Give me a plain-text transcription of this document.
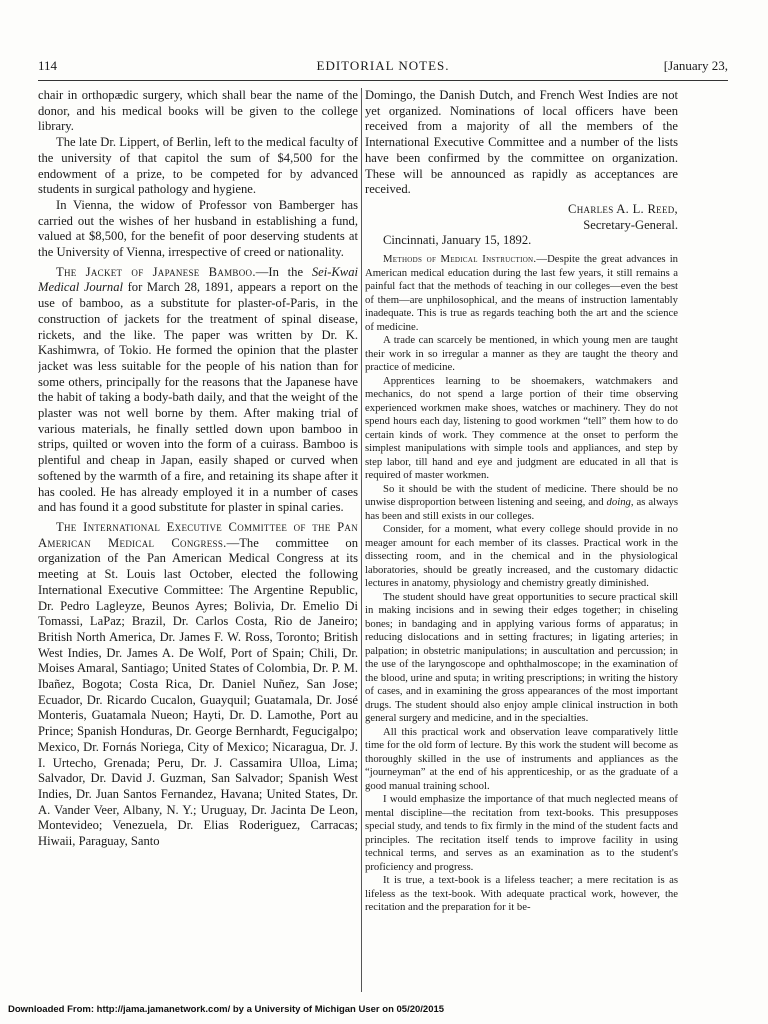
114	EDITORIAL NOTES.	[January 23,

chair in orthopædic surgery, which shall bear the name of the donor, and his medical books will be given to the college library.

The late Dr. Lippert, of Berlin, left to the medical faculty of the university of that capitol the sum of $4,500 for the endowment of a prize, to be competed for by advanced students in surgical pathology and hygiene.

In Vienna, the widow of Professor von Bamberger has carried out the wishes of her husband in establishing a fund, valued at $8,500, for the benefit of poor deserving students at the University of Vienna, irrespective of creed or nationality.

The Jacket of Japanese Bamboo.—In the Sei-Kwai Medical Journal for March 28, 1891, appears a report on the use of bamboo, as a substitute for plaster-of-Paris, in the construction of jackets for the treatment of spinal disease, rickets, and the like. The paper was written by Dr. K. Kashimwra, of Tokio. He formed the opinion that the plaster jacket was less suitable for the people of his nation than for some others, principally for the reasons that the Japanese have the habit of taking a body-bath daily, and that the weight of the plaster was not well borne by them. After making trial of various materials, he finally settled down upon bamboo in strips, quilted or woven into the form of a cuirass. Bamboo is plentiful and cheap in Japan, easily shaped or curved when softened by the warmth of a fire, and retaining its shape after it has cooled. He has already employed it in a number of cases and has found it a good substitute for plaster in spinal caries.

The International Executive Committee of the Pan American Medical Congress.—The committee on organization of the Pan American Medical Congress at its meeting at St. Louis last October, elected the following International Executive Committee: The Argentine Republic, Dr. Pedro Lagleyze, Beunos Ayres; Bolivia, Dr. Emelio Di Tomassi, LaPaz; Brazil, Dr. Carlos Costa, Rio de Janeiro; British North America, Dr. James F. W. Ross, Toronto; British West Indies, Dr. James A. De Wolf, Port of Spain; Chili, Dr. Moises Amaral, Santiago; United States of Colombia, Dr. P. M. Ibañez, Bogota; Costa Rica, Dr. Daniel Nuñez, San Jose; Ecuador, Dr. Ricardo Cucalon, Guayquil; Guatamala, Dr. José Monteris, Guatamala Nueon; Hayti, Dr. D. Lamothe, Port au Prince; Spanish Honduras, Dr. George Bernhardt, Fegucigalpo; Mexico, Dr. Fornás Noriega, City of Mexico; Nicaragua, Dr. J. I. Urtecho, Grenada; Peru, Dr. J. Cassamira Ulloa, Lima; Salvador, Dr. David J. Guzman, San Salvador; Spanish West Indies, Dr. Juan Santos Fernandez, Havana; United States, Dr. A. Vander Veer, Albany, N. Y.; Uruguay, Dr. Jacinta De Leon, Montevideo; Venezuela, Dr. Elias Roderiguez, Carracas; Hiwaii, Paraguay, Santo

Domingo, the Danish Dutch, and French West Indies are not yet organized. Nominations of local officers have been received from a majority of all the members of the International Executive Committee and a number of the lists have been confirmed by the committee on organization. These will be announced as rapidly as acceptances are received.

Charles A. L. Reed,

Secretary-General.

Cincinnati, January 15, 1892.

Methods of Medical Instruction.—Despite the great advances in American medical education during the last few years, it still remains a painful fact that the methods of teaching in our colleges—even the best of them—are unphilosophical, and the means of instruction lamentably inadequate. This is true as regards teaching both the art and the science of medicine.

A trade can scarcely be mentioned, in which young men are taught their work in so irregular a manner as they are taught the theory and practice of medicine.

Apprentices learning to be shoemakers, watchmakers and mechanics, do not spend a large portion of their time observing experienced workmen make shoes, watches or machinery. They do not spend hours each day, listening to good workmen “tell” them how to do certain kinds of work. They commence at the onset to perform the simplest manipulations with simple tools and appliances, and step by step labor, till hand and eye and judgment are educated in all that is required of master workmen.

So it should be with the student of medicine. There should be no unwise disproportion between listening and seeing, and doing, as always has been and still exists in our colleges.

Consider, for a moment, what every college should provide in no meager amount for each member of its classes. Practical work in the dissecting room, and in the chemical and in the physiological laboratories, should be greatly increased, and the customary didactic lectures in anatomy, physiology and chemistry greatly diminished.

The student should have great opportunities to secure practical skill in making incisions and in sewing their edges together; in chiseling bones; in bandaging and in applying various forms of apparatus; in reducing dislocations and in setting fractures; in ligating arteries; in palpation; in obstetric manipulations; in auscultation and percussion; in the use of the laryngoscope and ophthalmoscope; in the examination of the blood, urine and sputa; in writing prescriptions; in writing the history of cases, and in examining the gross appearances of the most important drugs. The student should also enjoy ample clinical instruction in both general surgery and medicine, and in the specialties.

All this practical work and observation leave comparatively little time for the old form of lecture. By this work the student will become as thoroughly skilled in the use of instruments and appliances as the “journeyman” at the end of his apprenticeship, or as the graduate of a good manual training school.

I would emphasize the importance of that much neglected means of mental discipline—the recitation from text-books. This presupposes special study, and tends to fix firmly in the mind of the student facts and principles. The recitation itself tends to improve facility in using technical terms, and serves as an examination as to the student's proficiency and progress.

It is true, a text-book is a lifeless teacher; a mere recitation is as lifeless as the text-book. With adequate practical work, however, the recitation and the preparation for it be-

Downloaded From: http://jama.jamanetwork.com/ by a University of Michigan User on 05/20/2015
